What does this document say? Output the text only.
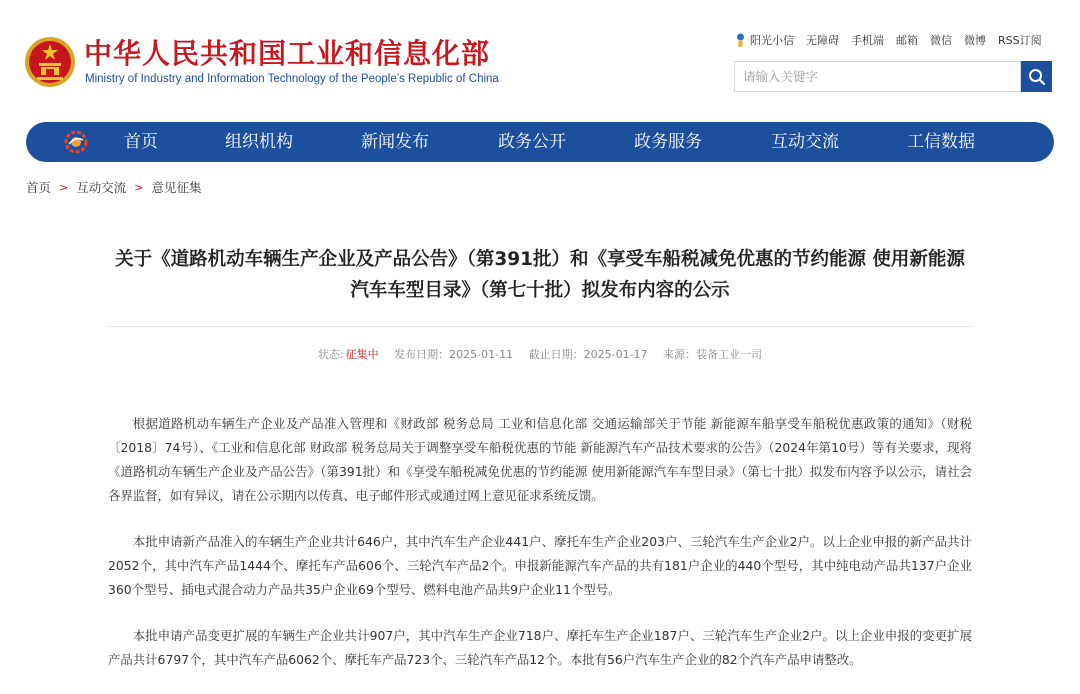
中华人民共和国工业和信息化部
Ministry of Industry and Information Technology of the People’s Republic of China
阳光小信 无障碍 手机端 邮箱 微信 微博 RSS订阅
请输入关键字
首页	组织机构	新闻发布	政务公开	政务服务	互动交流	工信数据
首页 > 互动交流 > 意见征集
关于《道路机动车辆生产企业及产品公告》（第391批）和《享受车船税减免优惠的节约能源 使用新能源汽车车型目录》（第七十批）拟发布内容的公示
状态: 征集中 发布日期：2025-01-11 截止日期：2025-01-17 来源：装备工业一司

根据道路机动车辆生产企业及产品准入管理和《财政部 税务总局 工业和信息化部 交通运输部关于节能 新能源车船享受车船税优惠政策的通知》（财税〔2018〕74号）、《工业和信息化部 财政部 税务总局关于调整享受车船税优惠的节能 新能源汽车产品技术要求的公告》（2024年第10号）等有关要求，现将《道路机动车辆生产企业及产品公告》（第391批）和《享受车船税减免优惠的节约能源 使用新能源汽车车型目录》（第七十批）拟发布内容予以公示，请社会各界监督，如有异议，请在公示期内以传真、电子邮件形式或通过网上意见征求系统反馈。

本批申请新产品准入的车辆生产企业共计646户，其中汽车生产企业441户、摩托车生产企业203户、三轮汽车生产企业2户。以上企业申报的新产品共计2052个，其中汽车产品1444个、摩托车产品606个、三轮汽车产品2个。申报新能源汽车产品的共有181户企业的440个型号，其中纯电动产品共137户企业360个型号、插电式混合动力产品共35户企业69个型号、燃料电池产品共9户企业11个型号。

本批申请产品变更扩展的车辆生产企业共计907户，其中汽车生产企业718户、摩托车生产企业187户、三轮汽车生产企业2户。以上企业申报的变更扩展产品共计6797个，其中汽车产品6062个、摩托车产品723个、三轮汽车产品12个。本批有56户汽车生产企业的82个汽车产品申请整改。
